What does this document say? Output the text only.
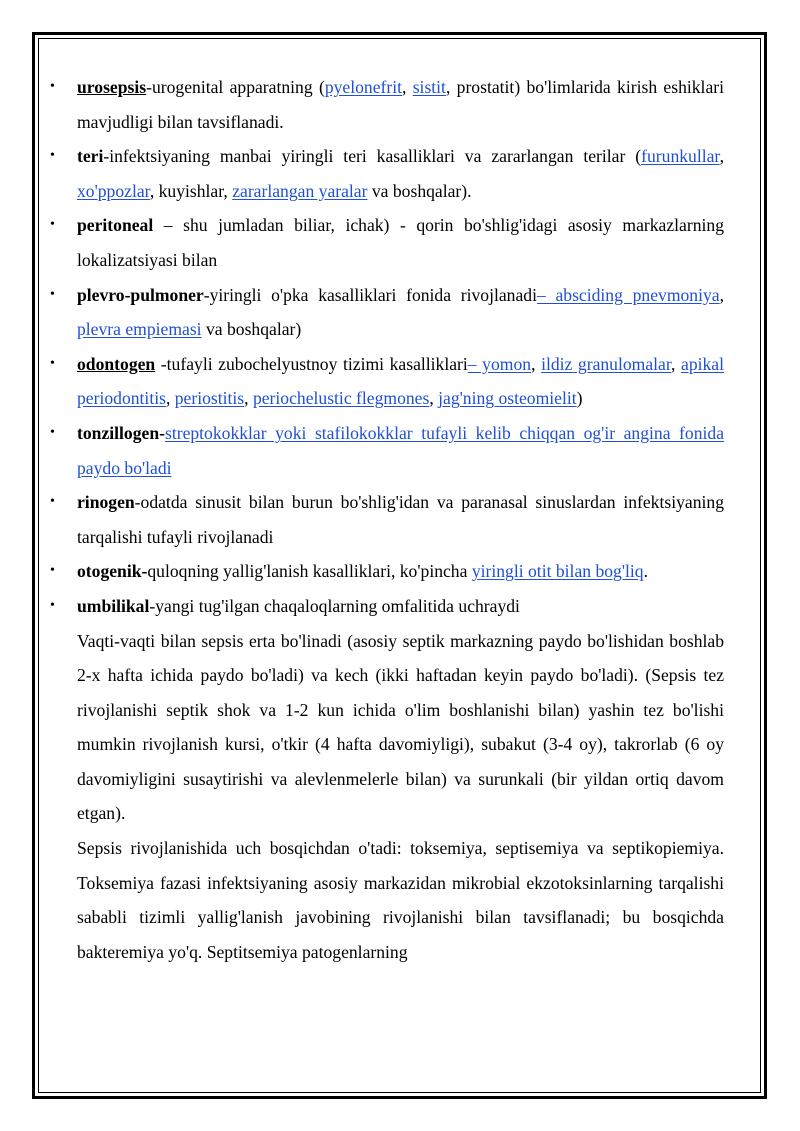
• urosepsis-urogenital apparatning (pyelonefrit, sistit, prostatit) bo'limlarida kirish eshiklari mavjudligi bilan tavsiflanadi.

• teri-infektsiyaning manbai yiringli teri kasalliklari va zararlangan terilar (furunkullar, xo'ppozlar, kuyishlar, zararlangan yaralar va boshqalar).

• peritoneal – shu jumladan biliar, ichak) - qorin bo'shlig'idagi asosiy markazlarning lokalizatsiyasi bilan

• plevro-pulmoner-yiringli o'pka kasalliklari fonida rivojlanadi– absciding pnevmoniya, plevra empiemasi va boshqalar)

• odontogen -tufayli zubochelyustnoy tizimi kasalliklari– yomon, ildiz granulomalar, apikal periodontitis, periostitis, periochelustic flegmones, jag'ning osteomielit)

• tonzillogen-streptokokklar yoki stafilokokklar tufayli kelib chiqqan og'ir angina fonida paydo bo'ladi

• rinogen-odatda sinusit bilan burun bo'shlig'idan va paranasal sinuslardan infektsiyaning tarqalishi tufayli rivojlanadi

• otogenik-quloqning yallig'lanish kasalliklari, ko'pincha yiringli otit bilan bog'liq.

• umbilikal-yangi tug'ilgan chaqaloqlarning omfalitida uchraydi

Vaqti-vaqti bilan sepsis erta bo'linadi (asosiy septik markazning paydo bo'lishidan boshlab 2-x hafta ichida paydo bo'ladi) va kech (ikki haftadan keyin paydo bo'ladi). (Sepsis tez rivojlanishi septik shok va 1-2 kun ichida o'lim boshlanishi bilan) yashin tez bo'lishi mumkin rivojlanish kursi, o'tkir (4 hafta davomiyligi), subakut (3-4 oy), takrorlab (6 oy davomiyligini susaytirishi va alevlenmelerle bilan) va surunkali (bir yildan ortiq davom etgan).

Sepsis rivojlanishida uch bosqichdan o'tadi: toksemiya, septisemiya va septikopiemiya. Toksemiya fazasi infektsiyaning asosiy markazidan mikrobial ekzotoksinlarning tarqalishi sababli tizimli yallig'lanish javobining rivojlanishi bilan tavsiflanadi; bu bosqichda bakteremiya yo'q. Septitsemiya patogenlarning
